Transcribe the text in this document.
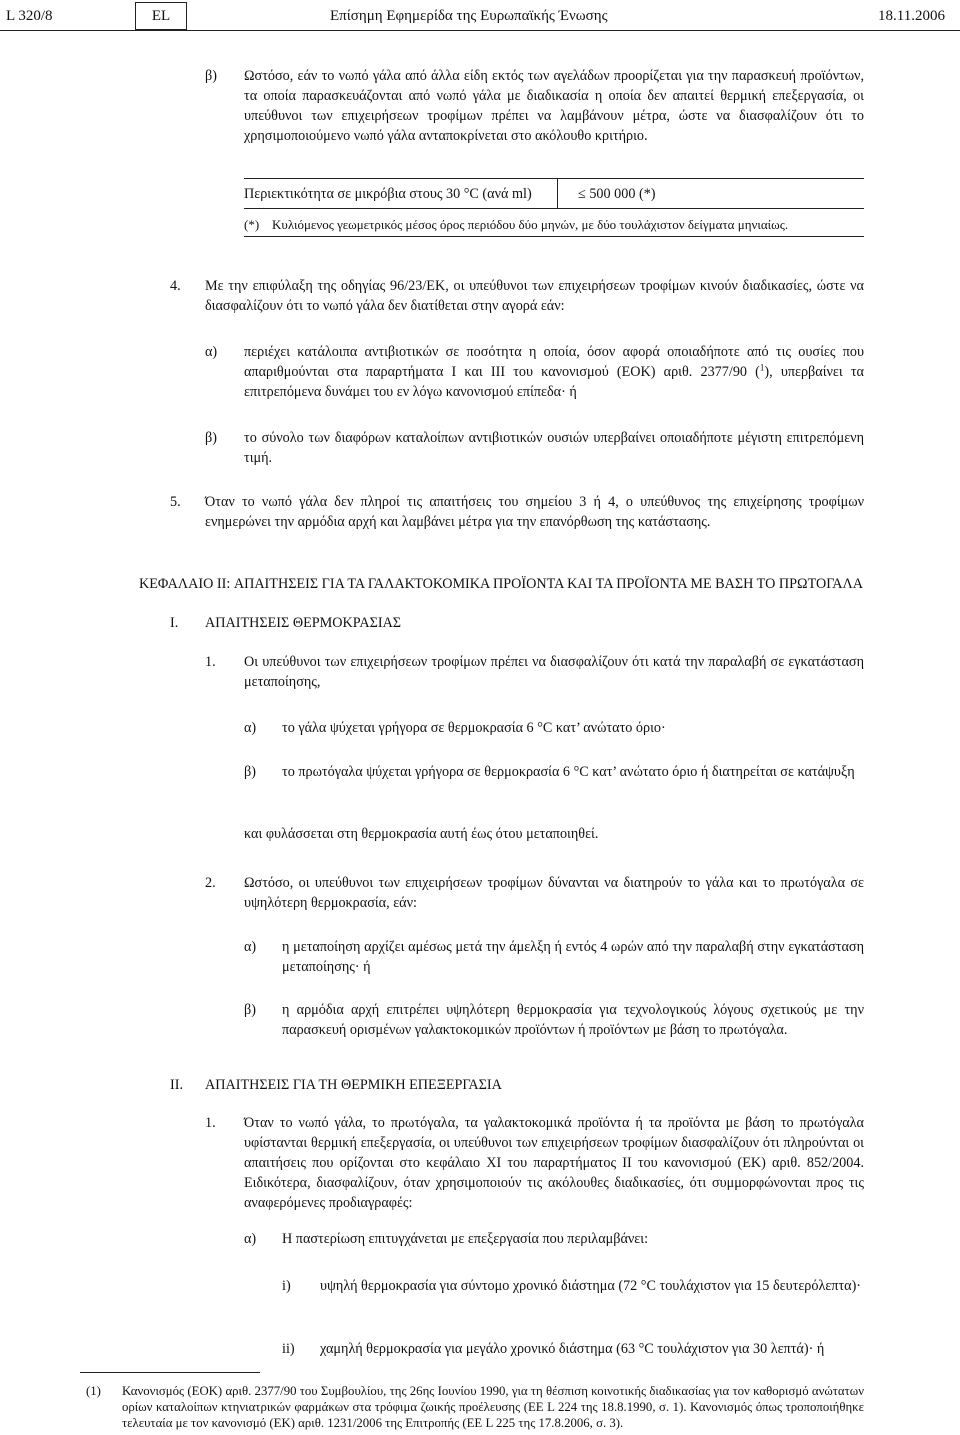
L 320/8	EL	Επίσημη Εφημερίδα της Ευρωπαϊκής Ένωσης	18.11.2006
β) Ωστόσο, εάν το νωπό γάλα από άλλα είδη εκτός των αγελάδων προορίζεται για την παρασκευή προϊόντων, τα οποία παρασκευάζονται από νωπό γάλα με διαδικασία η οποία δεν απαιτεί θερμική επεξεργασία, οι υπεύθυνοι των επιχειρήσεων τροφίμων πρέπει να λαμβάνουν μέτρα, ώστε να διασφαλίζουν ότι το χρησιμοποιούμενο νωπό γάλα ανταποκρίνεται στο ακόλουθο κριτήριο.

Περιεκτικότητα σε μικρόβια στους 30 °C (ανά ml)	≤ 500 000 (*)
(*) Κυλιόμενος γεωμετρικός μέσος όρος περιόδου δύο μηνών, με δύο τουλάχιστον δείγματα μηνιαίως.
4. Με την επιφύλαξη της οδηγίας 96/23/ΕΚ, οι υπεύθυνοι των επιχειρήσεων τροφίμων κινούν διαδικασίες, ώστε να διασφαλίζουν ότι το νωπό γάλα δεν διατίθεται στην αγορά εάν:

α) περιέχει κατάλοιπα αντιβιοτικών σε ποσότητα η οποία, όσον αφορά οποιαδήποτε από τις ουσίες που απαριθμούνται στα παραρτήματα I και III του κανονισμού (ΕΟΚ) αριθ. 2377/90 ($^1$), υπερβαίνει τα επιτρεπόμενα δυνάμει του εν λόγω κανονισμού επίπεδα· ή

β) το σύνολο των διαφόρων καταλοίπων αντιβιοτικών ουσιών υπερβαίνει οποιαδήποτε μέγιστη επιτρεπόμενη τιμή.

5. Όταν το νωπό γάλα δεν πληροί τις απαιτήσεις του σημείου 3 ή 4, ο υπεύθυνος της επιχείρησης τροφίμων ενημερώνει την αρμόδια αρχή και λαμβάνει μέτρα για την επανόρθωση της κατάστασης.

ΚΕΦΑΛΑΙΟ II: ΑΠΑΙΤΗΣΕΙΣ ΓΙΑ ΤΑ ΓΑΛΑΚΤΟΚΟΜΙΚΑ ΠΡΟΪΟΝΤΑ ΚΑΙ ΤΑ ΠΡΟΪΟΝΤΑ ΜΕ ΒΑΣΗ ΤΟ ΠΡΩΤΟΓΑΛΑ

I. ΑΠΑΙΤΗΣΕΙΣ ΘΕΡΜΟΚΡΑΣΙΑΣ
1. Οι υπεύθυνοι των επιχειρήσεων τροφίμων πρέπει να διασφαλίζουν ότι κατά την παραλαβή σε εγκατάσταση μεταποίησης,

α) το γάλα ψύχεται γρήγορα σε θερμοκρασία 6 °C κατ’ ανώτατο όριο·

β) το πρωτόγαλα ψύχεται γρήγορα σε θερμοκρασία 6 °C κατ’ ανώτατο όριο ή διατηρείται σε κατάψυξη

και φυλάσσεται στη θερμοκρασία αυτή έως ότου μεταποιηθεί.

2. Ωστόσο, οι υπεύθυνοι των επιχειρήσεων τροφίμων δύνανται να διατηρούν το γάλα και το πρωτόγαλα σε υψηλότερη θερμοκρασία, εάν:

α) η μεταποίηση αρχίζει αμέσως μετά την άμελξη ή εντός 4 ωρών από την παραλαβή στην εγκατάσταση μεταποίησης· ή

β) η αρμόδια αρχή επιτρέπει υψηλότερη θερμοκρασία για τεχνολογικούς λόγους σχετικούς με την παρασκευή ορισμένων γαλακτοκομικών προϊόντων ή προϊόντων με βάση το πρωτόγαλα.

II. ΑΠΑΙΤΗΣΕΙΣ ΓΙΑ ΤΗ ΘΕΡΜΙΚΗ ΕΠΕΞΕΡΓΑΣΙΑ
1. Όταν το νωπό γάλα, το πρωτόγαλα, τα γαλακτοκομικά προϊόντα ή τα προϊόντα με βάση το πρωτόγαλα υφίστανται θερμική επεξεργασία, οι υπεύθυνοι των επιχειρήσεων τροφίμων διασφαλίζουν ότι πληρούνται οι απαιτήσεις που ορίζονται στο κεφάλαιο XI του παραρτήματος II του κανονισμού (ΕΚ) αριθ. 852/2004. Ειδικότερα, διασφαλίζουν, όταν χρησιμοποιούν τις ακόλουθες διαδικασίες, ότι συμμορφώνονται προς τις αναφερόμενες προδιαγραφές:

α) Η παστερίωση επιτυγχάνεται με επεξεργασία που περιλαμβάνει:

i) υψηλή θερμοκρασία για σύντομο χρονικό διάστημα (72 °C τουλάχιστον για 15 δευτερόλεπτα)·

ii) χαμηλή θερμοκρασία για μεγάλο χρονικό διάστημα (63 °C τουλάχιστον για 30 λεπτά)· ή

(1) Κανονισμός (ΕΟΚ) αριθ. 2377/90 του Συμβουλίου, της 26ης Ιουνίου 1990, για τη θέσπιση κοινοτικής διαδικασίας για τον καθορισμό ανώτατων ορίων καταλοίπων κτηνιατρικών φαρμάκων στα τρόφιμα ζωικής προέλευσης (ΕΕ L 224 της 18.8.1990, σ. 1). Κανονισμός όπως τροποποιήθηκε τελευταία με τον κανονισμό (ΕΚ) αριθ. 1231/2006 της Επιτροπής (ΕΕ L 225 της 17.8.2006, σ. 3).
